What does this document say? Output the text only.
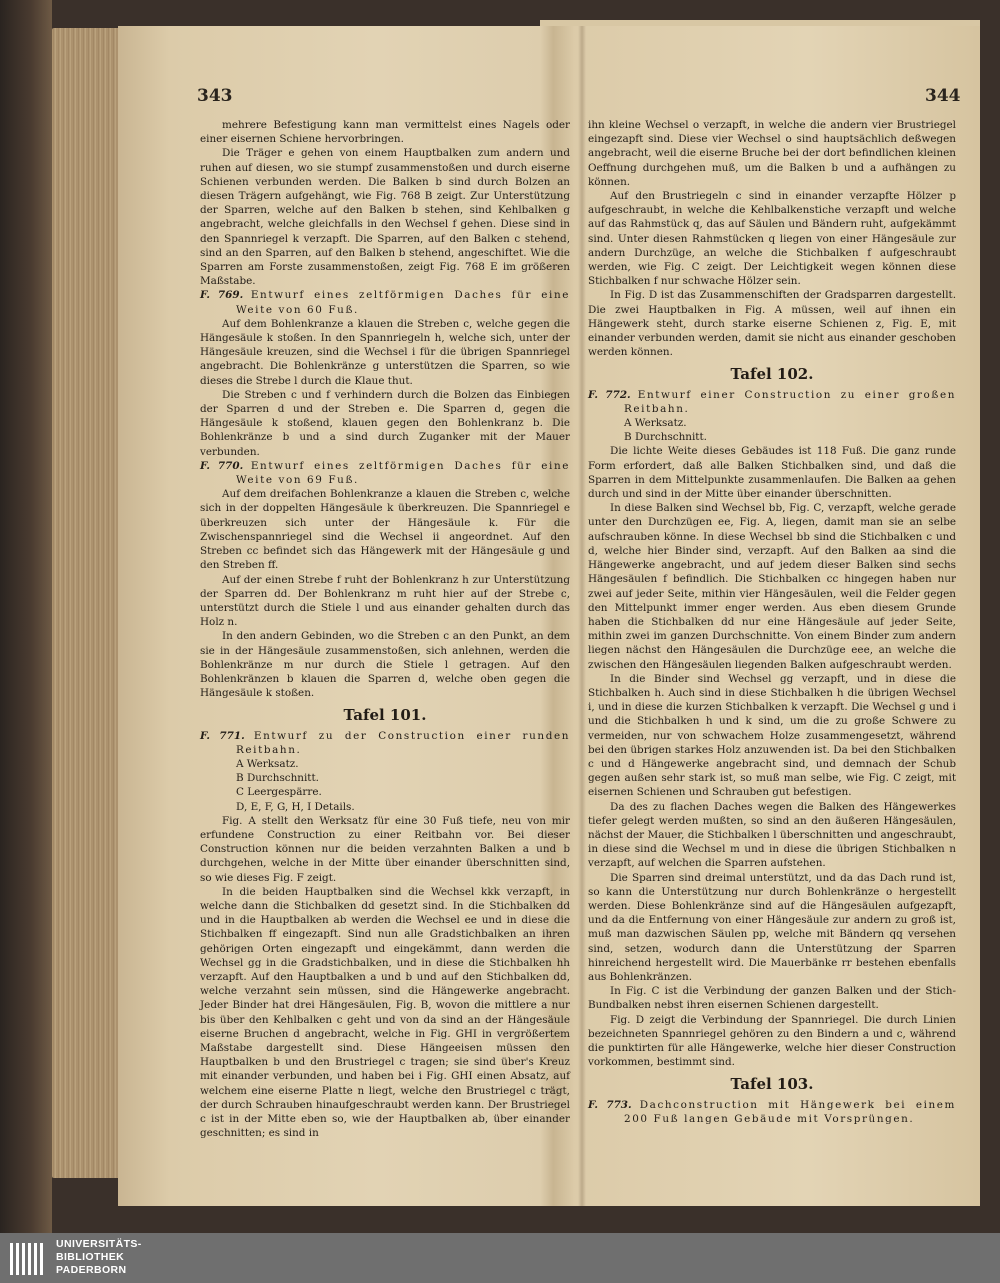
343	344

mehrere Befestigung kann man vermittelst eines Nagels oder einer eisernen Schiene hervorbringen.

Die Träger e gehen von einem Hauptbalken zum andern und ruhen auf diesen, wo sie stumpf zusammenstoßen und durch eiserne Schienen verbunden werden. Die Balken b sind durch Bolzen an diesen Trägern aufgehängt, wie Fig. 768 B zeigt. Zur Unterstützung der Sparren, welche auf den Balken b stehen, sind Kehlbalken g angebracht, welche gleichfalls in den Wechsel f gehen. Diese sind in den Spannriegel k verzapft. Die Sparren, auf den Balken c stehend, sind an den Sparren, auf den Balken b stehend, angeschiftet. Wie die Sparren am Forste zusammenstoßen, zeigt Fig. 768 E im größeren Maßstabe.

F. 769. Entwurf eines zeltförmigen Daches für eine Weite von 60 Fuß.

Auf dem Bohlenkranze a klauen die Streben c, welche gegen die Hängesäule k stoßen. In den Spannriegeln h, welche sich, unter der Hängesäule kreuzen, sind die Wechsel i für die übrigen Spannriegel angebracht. Die Bohlenkränze g unterstützen die Sparren, so wie dieses die Strebe l durch die Klaue thut.

Die Streben c und f verhindern durch die Bolzen das Einbiegen der Sparren d und der Streben e. Die Sparren d, gegen die Hängesäule k stoßend, klauen gegen den Bohlenkranz b. Die Bohlenkränze b und a sind durch Zuganker mit der Mauer verbunden.

F. 770. Entwurf eines zeltförmigen Daches für eine Weite von 69 Fuß.

Auf dem dreifachen Bohlenkranze a klauen die Streben c, welche sich in der doppelten Hängesäule k überkreuzen. Die Spannriegel e überkreuzen sich unter der Hängesäule k. Für die Zwischenspannriegel sind die Wechsel ii angeordnet. Auf den Streben cc befindet sich das Hängewerk mit der Hängesäule g und den Streben ff.

Auf der einen Strebe f ruht der Bohlenkranz h zur Unterstützung der Sparren dd. Der Bohlenkranz m ruht hier auf der Strebe c, unterstützt durch die Stiele l und aus einander gehalten durch das Holz n.

In den andern Gebinden, wo die Streben c an den Punkt, an dem sie in der Hängesäule zusammenstoßen, sich anlehnen, werden die Bohlenkränze m nur durch die Stiele l getragen. Auf den Bohlenkränzen b klauen die Sparren d, welche oben gegen die Hängesäule k stoßen.

Tafel 101.

F. 771. Entwurf zu der Construction einer runden Reitbahn.

A Werksatz.

B Durchschnitt.

C Leergespärre.

D, E, F, G, H, I Details.

Fig. A stellt den Werksatz für eine 30 Fuß tiefe, neu von mir erfundene Construction zu einer Reitbahn vor. Bei dieser Construction können nur die beiden verzahnten Balken a und b durchgehen, welche in der Mitte über einander überschnitten sind, so wie dieses Fig. F zeigt.

In die beiden Hauptbalken sind die Wechsel kkk verzapft, in welche dann die Stichbalken dd gesetzt sind. In die Stichbalken dd und in die Hauptbalken ab werden die Wechsel ee und in diese die Stichbalken ff eingezapft. Sind nun alle Gradstichbalken an ihren gehörigen Orten eingezapft und eingekämmt, dann werden die Wechsel gg in die Gradstichbalken, und in diese die Stichbalken hh verzapft. Auf den Hauptbalken a und b und auf den Stichbalken dd, welche verzahnt sein müssen, sind die Hängewerke angebracht. Jeder Binder hat drei Hängesäulen, Fig. B, wovon die mittlere a nur bis über den Kehlbalken c geht und von da sind an der Hängesäule eiserne Bruchen d angebracht, welche in Fig. GHI in vergrößertem Maßstabe dargestellt sind. Diese Hängeeisen müssen den Hauptbalken b und den Brustriegel c tragen; sie sind über's Kreuz mit einander verbunden, und haben bei i Fig. GHI einen Absatz, auf welchem eine eiserne Platte n liegt, welche den Brustriegel c trägt, der durch Schrauben hinaufgeschraubt werden kann. Der Brustriegel c ist in der Mitte eben so, wie der Hauptbalken ab, über einander geschnitten; es sind in

ihn kleine Wechsel o verzapft, in welche die andern vier Brustriegel eingezapft sind. Diese vier Wechsel o sind hauptsächlich deßwegen angebracht, weil die eiserne Bruche bei der dort befindlichen kleinen Oeffnung durchgehen muß, um die Balken b und a aufhängen zu können.

Auf den Brustriegeln c sind in einander verzapfte Hölzer p aufgeschraubt, in welche die Kehlbalkenstiche verzapft und welche auf das Rahmstück q, das auf Säulen und Bändern ruht, aufgekämmt sind. Unter diesen Rahmstücken q liegen von einer Hängesäule zur andern Durchzüge, an welche die Stichbalken f aufgeschraubt werden, wie Fig. C zeigt. Der Leichtigkeit wegen können diese Stichbalken f nur schwache Hölzer sein.

In Fig. D ist das Zusammenschiften der Gradsparren dargestellt. Die zwei Hauptbalken in Fig. A müssen, weil auf ihnen ein Hängewerk steht, durch starke eiserne Schienen z, Fig. E, mit einander verbunden werden, damit sie nicht aus einander geschoben werden können.

Tafel 102.

F. 772. Entwurf einer Construction zu einer großen Reitbahn.

A Werksatz.

B Durchschnitt.

Die lichte Weite dieses Gebäudes ist 118 Fuß. Die ganz runde Form erfordert, daß alle Balken Stichbalken sind, und daß die Sparren in dem Mittelpunkte zusammenlaufen. Die Balken aa gehen durch und sind in der Mitte über einander überschnitten.

In diese Balken sind Wechsel bb, Fig. C, verzapft, welche gerade unter den Durchzügen ee, Fig. A, liegen, damit man sie an selbe aufschrauben könne. In diese Wechsel bb sind die Stichbalken c und d, welche hier Binder sind, verzapft. Auf den Balken aa sind die Hängewerke angebracht, und auf jedem dieser Balken sind sechs Hängesäulen f befindlich. Die Stichbalken cc hingegen haben nur zwei auf jeder Seite, mithin vier Hängesäulen, weil die Felder gegen den Mittelpunkt immer enger werden. Aus eben diesem Grunde haben die Stichbalken dd nur eine Hängesäule auf jeder Seite, mithin zwei im ganzen Durchschnitte. Von einem Binder zum andern liegen nächst den Hängesäulen die Durchzüge eee, an welche die zwischen den Hängesäulen liegenden Balken aufgeschraubt werden.

In die Binder sind Wechsel gg verzapft, und in diese die Stichbalken h. Auch sind in diese Stichbalken h die übrigen Wechsel i, und in diese die kurzen Stichbalken k verzapft. Die Wechsel g und i und die Stichbalken h und k sind, um die zu große Schwere zu vermeiden, nur von schwachem Holze zusammengesetzt, während bei den übrigen starkes Holz anzuwenden ist. Da bei den Stichbalken c und d Hängewerke angebracht sind, und demnach der Schub gegen außen sehr stark ist, so muß man selbe, wie Fig. C zeigt, mit eisernen Schienen und Schrauben gut befestigen.

Da des zu flachen Daches wegen die Balken des Hängewerkes tiefer gelegt werden mußten, so sind an den äußeren Hängesäulen, nächst der Mauer, die Stichbalken l überschnitten und angeschraubt, in diese sind die Wechsel m und in diese die übrigen Stichbalken n verzapft, auf welchen die Sparren aufstehen.

Die Sparren sind dreimal unterstützt, und da das Dach rund ist, so kann die Unterstützung nur durch Bohlenkränze o hergestellt werden. Diese Bohlenkränze sind auf die Hängesäulen aufgezapft, und da die Entfernung von einer Hängesäule zur andern zu groß ist, muß man dazwischen Säulen pp, welche mit Bändern qq versehen sind, setzen, wodurch dann die Unterstützung der Sparren hinreichend hergestellt wird. Die Mauerbänke rr bestehen ebenfalls aus Bohlenkränzen.

In Fig. C ist die Verbindung der ganzen Balken und der Stich-Bundbalken nebst ihren eisernen Schienen dargestellt.

Fig. D zeigt die Verbindung der Spannriegel. Die durch Linien bezeichneten Spannriegel gehören zu den Bindern a und c, während die punktirten für alle Hängewerke, welche hier dieser Construction vorkommen, bestimmt sind.

Tafel 103.

F. 773. Dachconstruction mit Hängewerk bei einem 200 Fuß langen Gebäude mit Vorsprüngen.

UNIVERSITÄTS-
BIBLIOTHEK
PADERBORN
